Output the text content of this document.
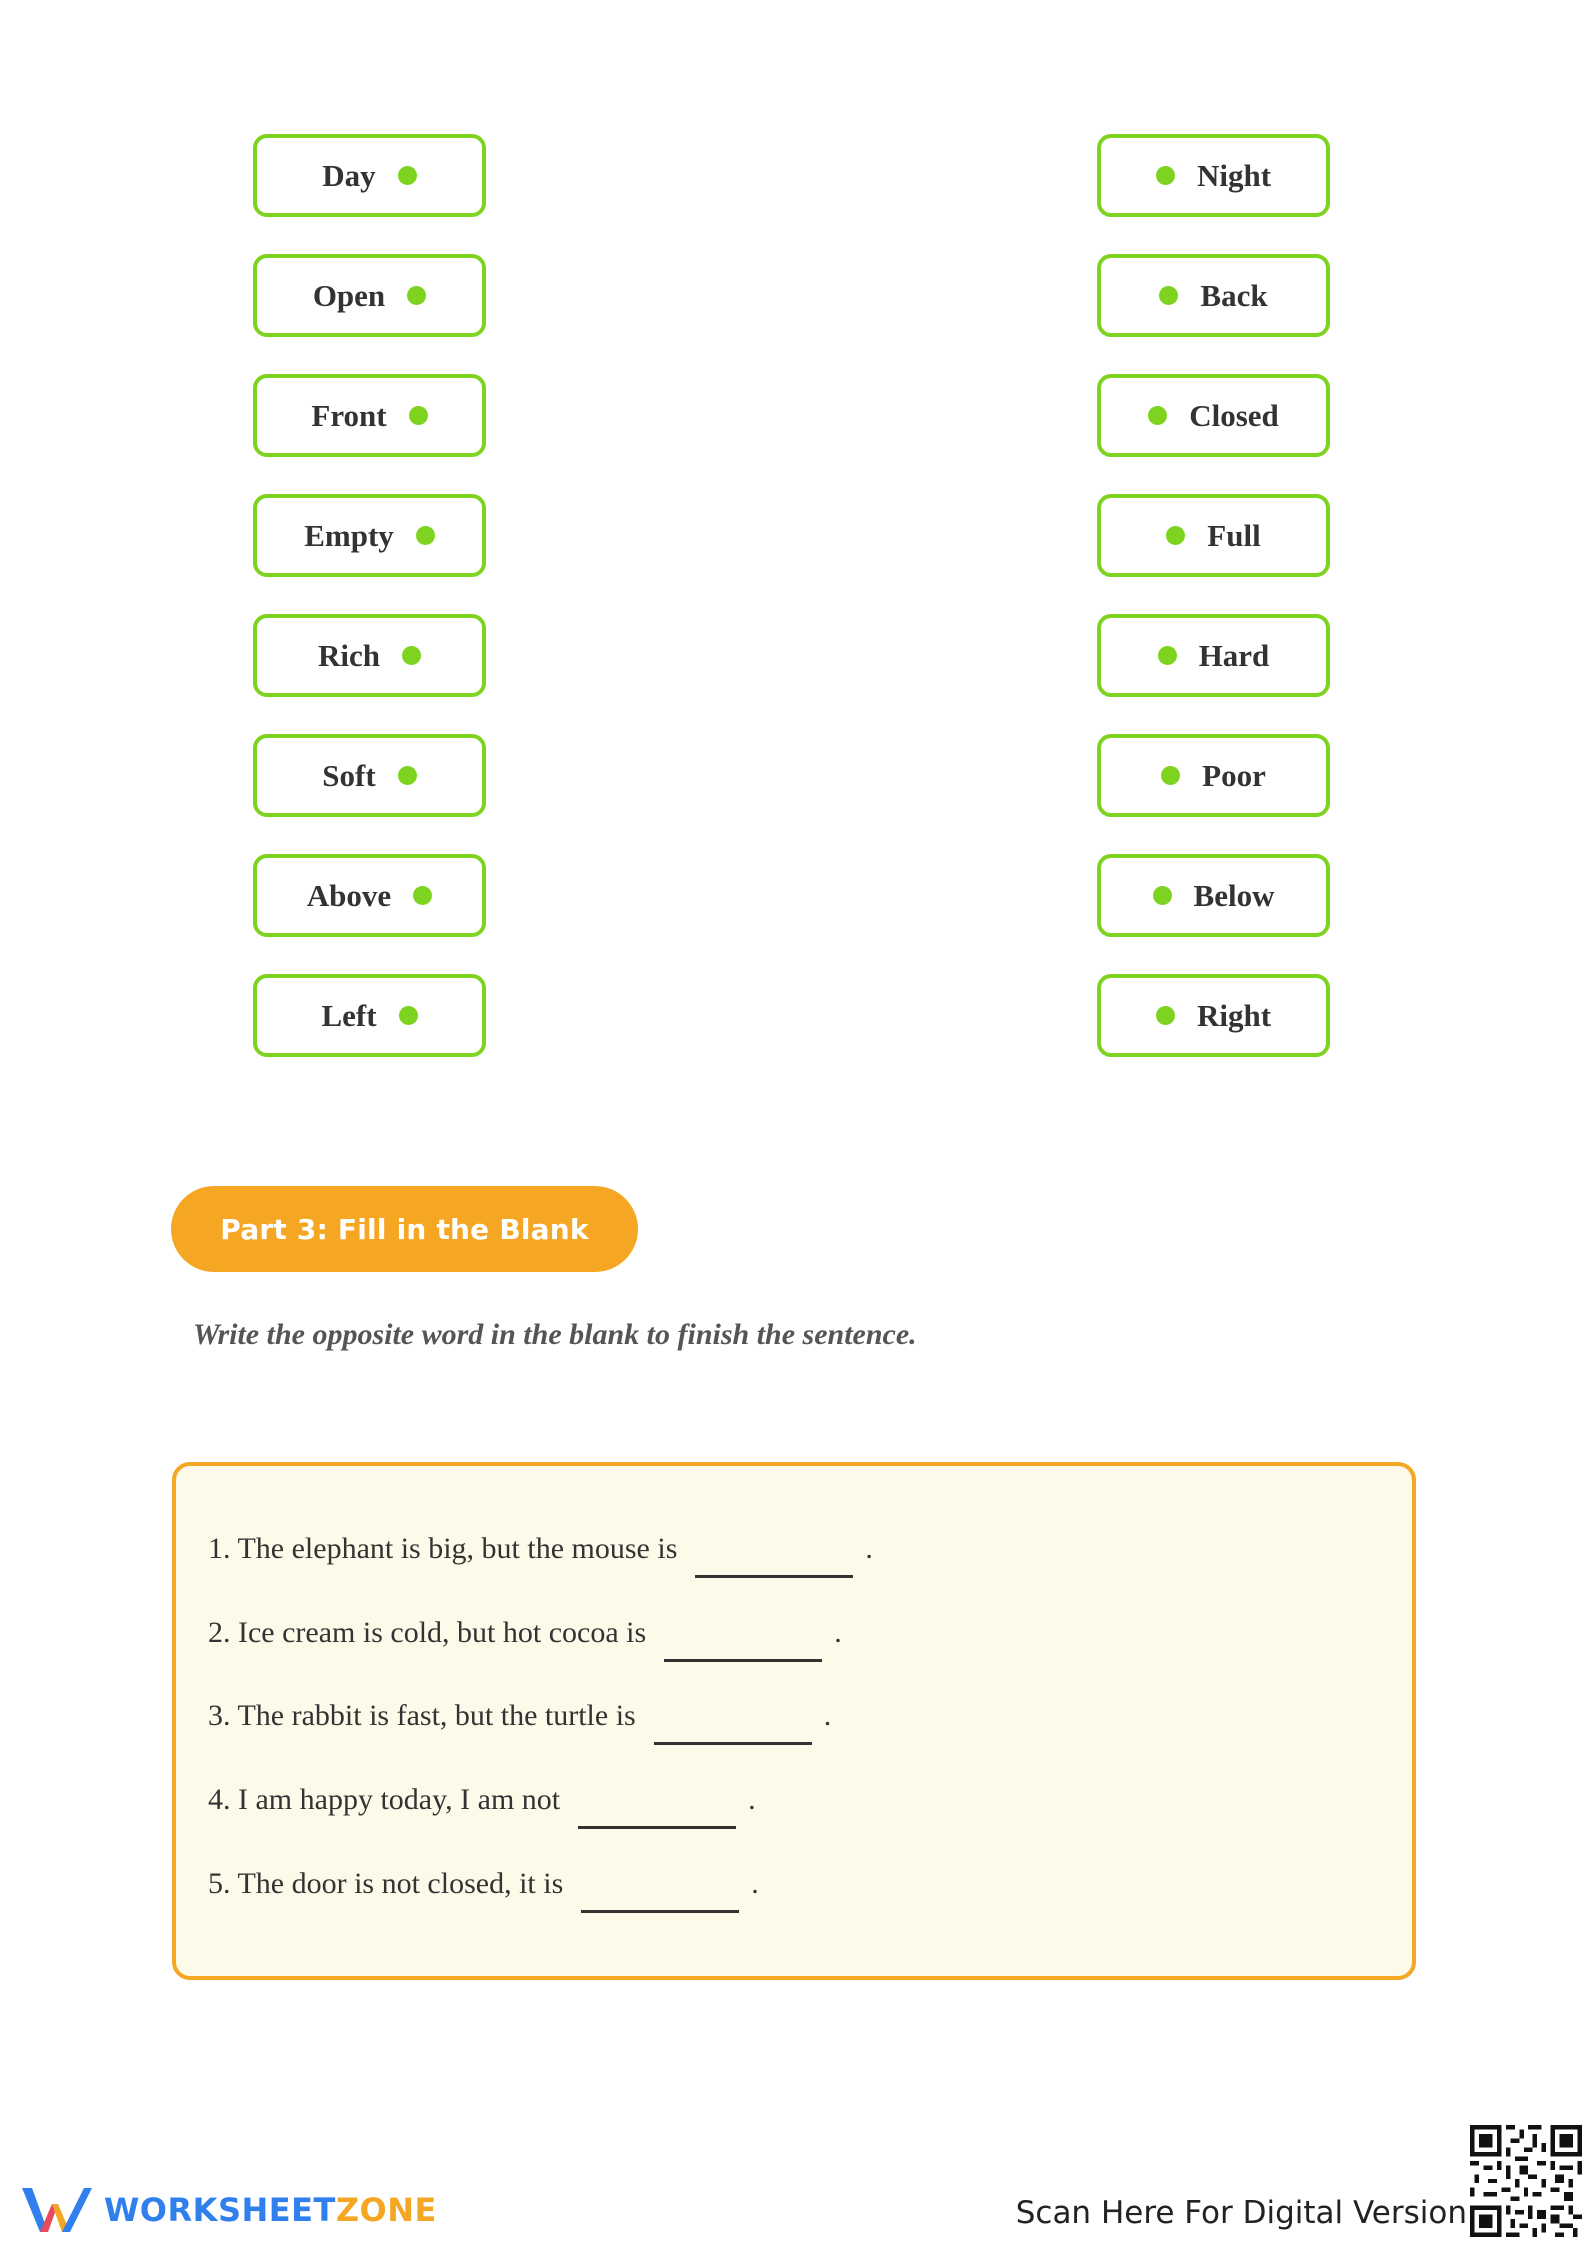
Day
Open
Front
Empty
Rich
Soft
Above
Left
Night
Back
Closed
Full
Hard
Poor
Below
Right
Part 3: Fill in the Blank
Write the opposite word in the blank to finish the sentence.
1. The elephant is big, but the mouse is	.
2. Ice cream is cold, but hot cocoa is	.
3. The rabbit is fast, but the turtle is	.
4. I am happy today, I am not	.
5. The door is not closed, it is	.
WORKSHEETZONE	Scan Here For Digital Version
